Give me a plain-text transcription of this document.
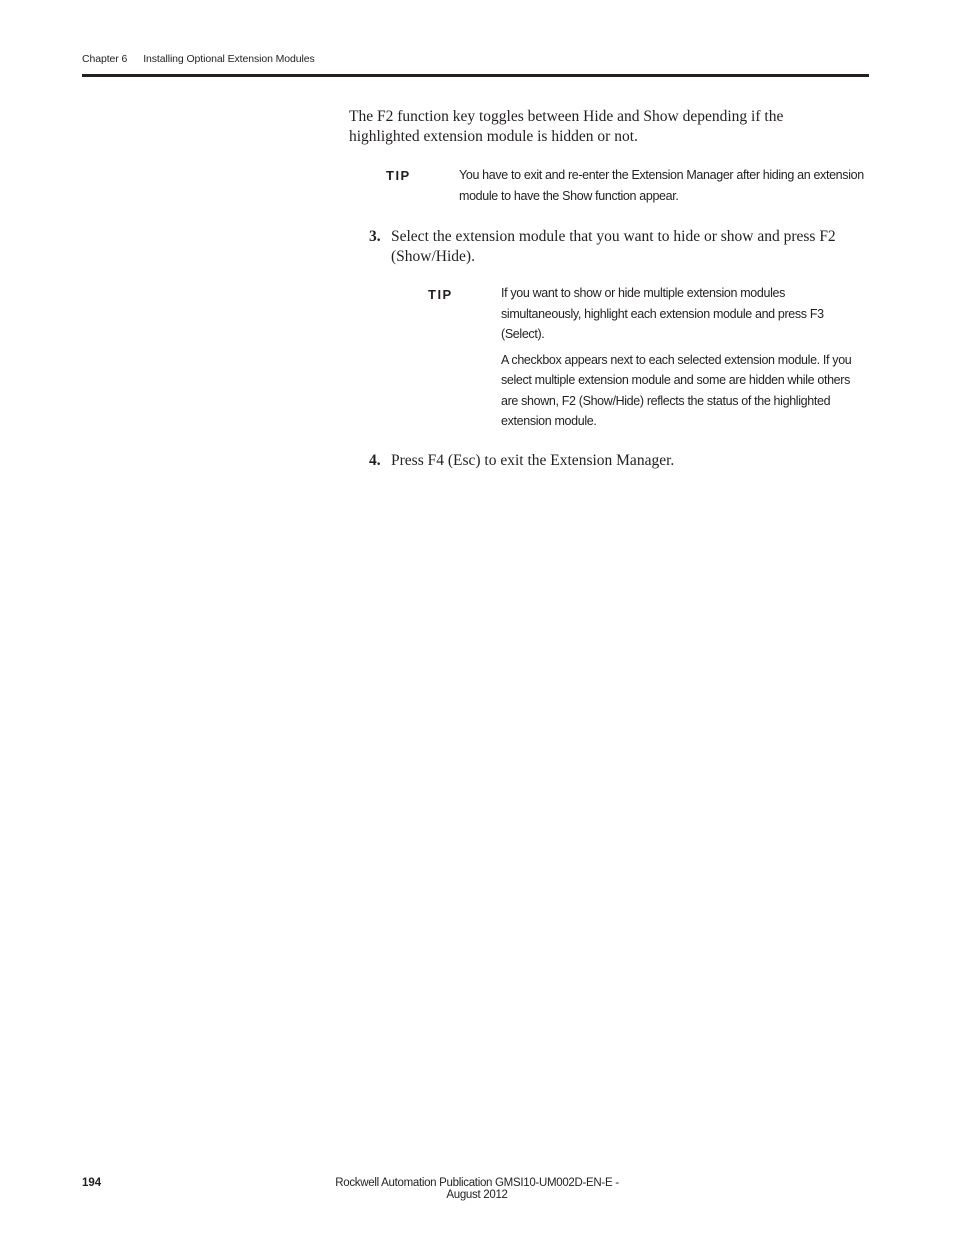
Chapter 6 Installing Optional Extension Modules
The F2 function key toggles between Hide and Show depending if the highlighted extension module is hidden or not.
TIP	You have to exit and re-enter the Extension Manager after hiding an extension module to have the Show function appear.
3. Select the extension module that you want to hide or show and press F2 (Show/Hide).
TIP	If you want to show or hide multiple extension modules simultaneously, highlight each extension module and press F3 (Select).

A checkbox appears next to each selected extension module. If you select multiple extension module and some are hidden while others are shown, F2 (Show/Hide) reflects the status of the highlighted extension module.

4. Press F4 (Esc) to exit the Extension Manager.
194	Rockwell Automation Publication GMSI10-UM002D-EN-E - August 2012
